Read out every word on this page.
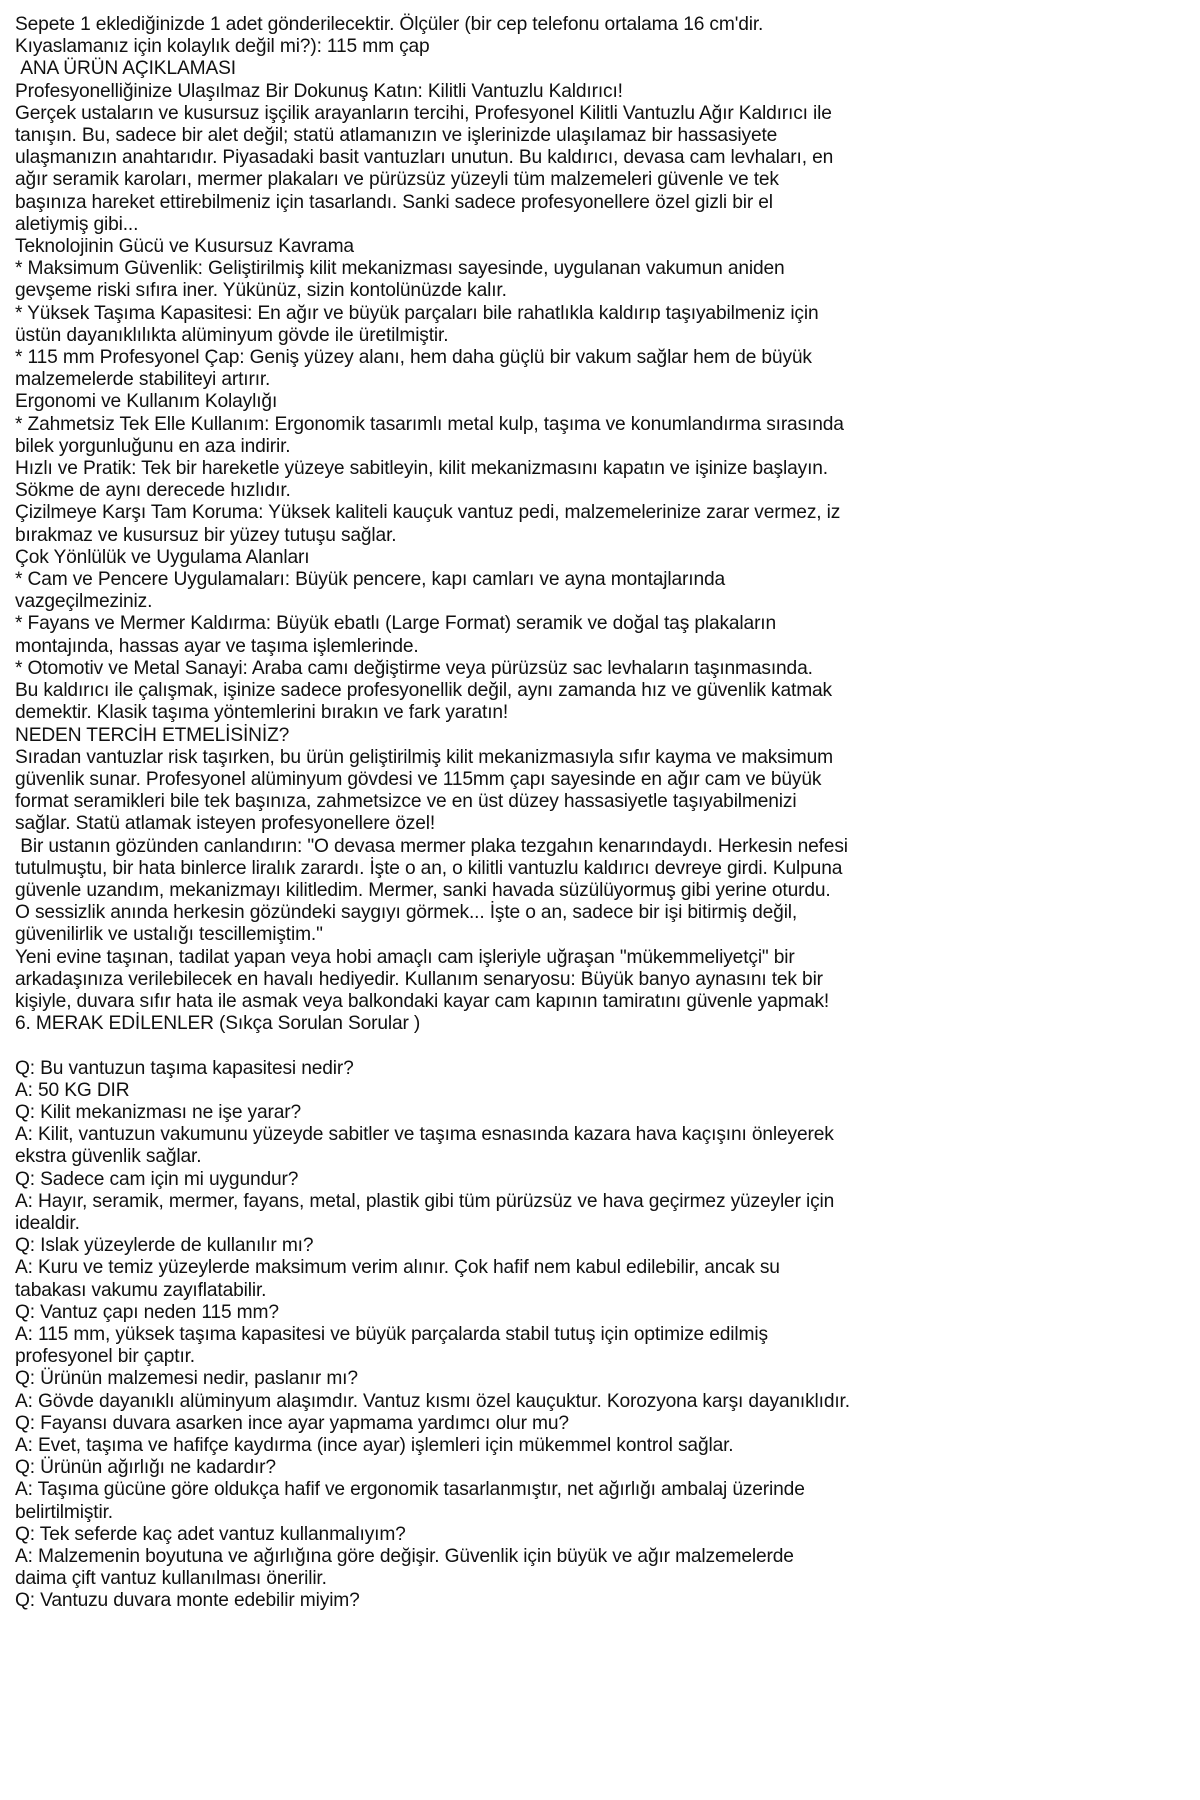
Sepete 1 eklediğinizde 1 adet gönderilecektir. Ölçüler (bir cep telefonu ortalama 16 cm'dir.
Kıyaslamanız için kolaylık değil mi?): 115 mm çap
ANA ÜRÜN AÇIKLAMASI
Profesyonelliğinize Ulaşılmaz Bir Dokunuş Katın: Kilitli Vantuzlu Kaldırıcı!
Gerçek ustaların ve kusursuz işçilik arayanların tercihi, Profesyonel Kilitli Vantuzlu Ağır Kaldırıcı ile
tanışın. Bu, sadece bir alet değil; statü atlamanızın ve işlerinizde ulaşılamaz bir hassasiyete
ulaşmanızın anahtarıdır. Piyasadaki basit vantuzları unutun. Bu kaldırıcı, devasa cam levhaları, en
ağır seramik karoları, mermer plakaları ve pürüzsüz yüzeyli tüm malzemeleri güvenle ve tek
başınıza hareket ettirebilmeniz için tasarlandı. Sanki sadece profesyonellere özel gizli bir el
aletiymiş gibi...
Teknolojinin Gücü ve Kusursuz Kavrama
* Maksimum Güvenlik: Geliştirilmiş kilit mekanizması sayesinde, uygulanan vakumun aniden
gevşeme riski sıfıra iner. Yükünüz, sizin kontolünüzde kalır.
* Yüksek Taşıma Kapasitesi: En ağır ve büyük parçaları bile rahatlıkla kaldırıp taşıyabilmeniz için
üstün dayanıklılıkta alüminyum gövde ile üretilmiştir.
* 115 mm Profesyonel Çap: Geniş yüzey alanı, hem daha güçlü bir vakum sağlar hem de büyük
malzemelerde stabiliteyi artırır.
Ergonomi ve Kullanım Kolaylığı
* Zahmetsiz Tek Elle Kullanım: Ergonomik tasarımlı metal kulp, taşıma ve konumlandırma sırasında
bilek yorgunluğunu en aza indirir.
Hızlı ve Pratik: Tek bir hareketle yüzeye sabitleyin, kilit mekanizmasını kapatın ve işinize başlayın.
Sökme de aynı derecede hızlıdır.
Çizilmeye Karşı Tam Koruma: Yüksek kaliteli kauçuk vantuz pedi, malzemelerinize zarar vermez, iz
bırakmaz ve kusursuz bir yüzey tutuşu sağlar.
Çok Yönlülük ve Uygulama Alanları
* Cam ve Pencere Uygulamaları: Büyük pencere, kapı camları ve ayna montajlarında
vazgeçilmeziniz.
* Fayans ve Mermer Kaldırma: Büyük ebatlı (Large Format) seramik ve doğal taş plakaların
montajında, hassas ayar ve taşıma işlemlerinde.
* Otomotiv ve Metal Sanayi: Araba camı değiştirme veya pürüzsüz sac levhaların taşınmasında.
Bu kaldırıcı ile çalışmak, işinize sadece profesyonellik değil, aynı zamanda hız ve güvenlik katmak
demektir. Klasik taşıma yöntemlerini bırakın ve fark yaratın!
NEDEN TERCİH ETMELİSİNİZ?
Sıradan vantuzlar risk taşırken, bu ürün geliştirilmiş kilit mekanizmasıyla sıfır kayma ve maksimum
güvenlik sunar. Profesyonel alüminyum gövdesi ve 115mm çapı sayesinde en ağır cam ve büyük
format seramikleri bile tek başınıza, zahmetsizce ve en üst düzey hassasiyetle taşıyabilmenizi
sağlar. Statü atlamak isteyen profesyonellere özel!
Bir ustanın gözünden canlandırın: "O devasa mermer plaka tezgahın kenarındaydı. Herkesin nefesi
tutulmuştu, bir hata binlerce liralık zarardı. İşte o an, o kilitli vantuzlu kaldırıcı devreye girdi. Kulpuna
güvenle uzandım, mekanizmayı kilitledim. Mermer, sanki havada süzülüyormuş gibi yerine oturdu.
O sessizlik anında herkesin gözündeki saygıyı görmek... İşte o an, sadece bir işi bitirmiş değil,
güvenilirlik ve ustalığı tescillemiştim."
Yeni evine taşınan, tadilat yapan veya hobi amaçlı cam işleriyle uğraşan "mükemmeliyetçi" bir
arkadaşınıza verilebilecek en havalı hediyedir. Kullanım senaryosu: Büyük banyo aynasını tek bir
kişiyle, duvara sıfır hata ile asmak veya balkondaki kayar cam kapının tamiratını güvenle yapmak!
6. MERAK EDİLENLER (Sıkça Sorulan Sorular )
Q: Bu vantuzun taşıma kapasitesi nedir?
A: 50 KG DIR
Q: Kilit mekanizması ne işe yarar?
A: Kilit, vantuzun vakumunu yüzeyde sabitler ve taşıma esnasında kazara hava kaçışını önleyerek
ekstra güvenlik sağlar.
Q: Sadece cam için mi uygundur?
A: Hayır, seramik, mermer, fayans, metal, plastik gibi tüm pürüzsüz ve hava geçirmez yüzeyler için
idealdir.
Q: Islak yüzeylerde de kullanılır mı?
A: Kuru ve temiz yüzeylerde maksimum verim alınır. Çok hafif nem kabul edilebilir, ancak su
tabakası vakumu zayıflatabilir.
Q: Vantuz çapı neden 115 mm?
A: 115 mm, yüksek taşıma kapasitesi ve büyük parçalarda stabil tutuş için optimize edilmiş
profesyonel bir çaptır.
Q: Ürünün malzemesi nedir, paslanır mı?
A: Gövde dayanıklı alüminyum alaşımdır. Vantuz kısmı özel kauçuktur. Korozyona karşı dayanıklıdır.
Q: Fayansı duvara asarken ince ayar yapmama yardımcı olur mu?
A: Evet, taşıma ve hafifçe kaydırma (ince ayar) işlemleri için mükemmel kontrol sağlar.
Q: Ürünün ağırlığı ne kadardır?
A: Taşıma gücüne göre oldukça hafif ve ergonomik tasarlanmıştır, net ağırlığı ambalaj üzerinde
belirtilmiştir.
Q: Tek seferde kaç adet vantuz kullanmalıyım?
A: Malzemenin boyutuna ve ağırlığına göre değişir. Güvenlik için büyük ve ağır malzemelerde
daima çift vantuz kullanılması önerilir.
Q: Vantuzu duvara monte edebilir miyim?
